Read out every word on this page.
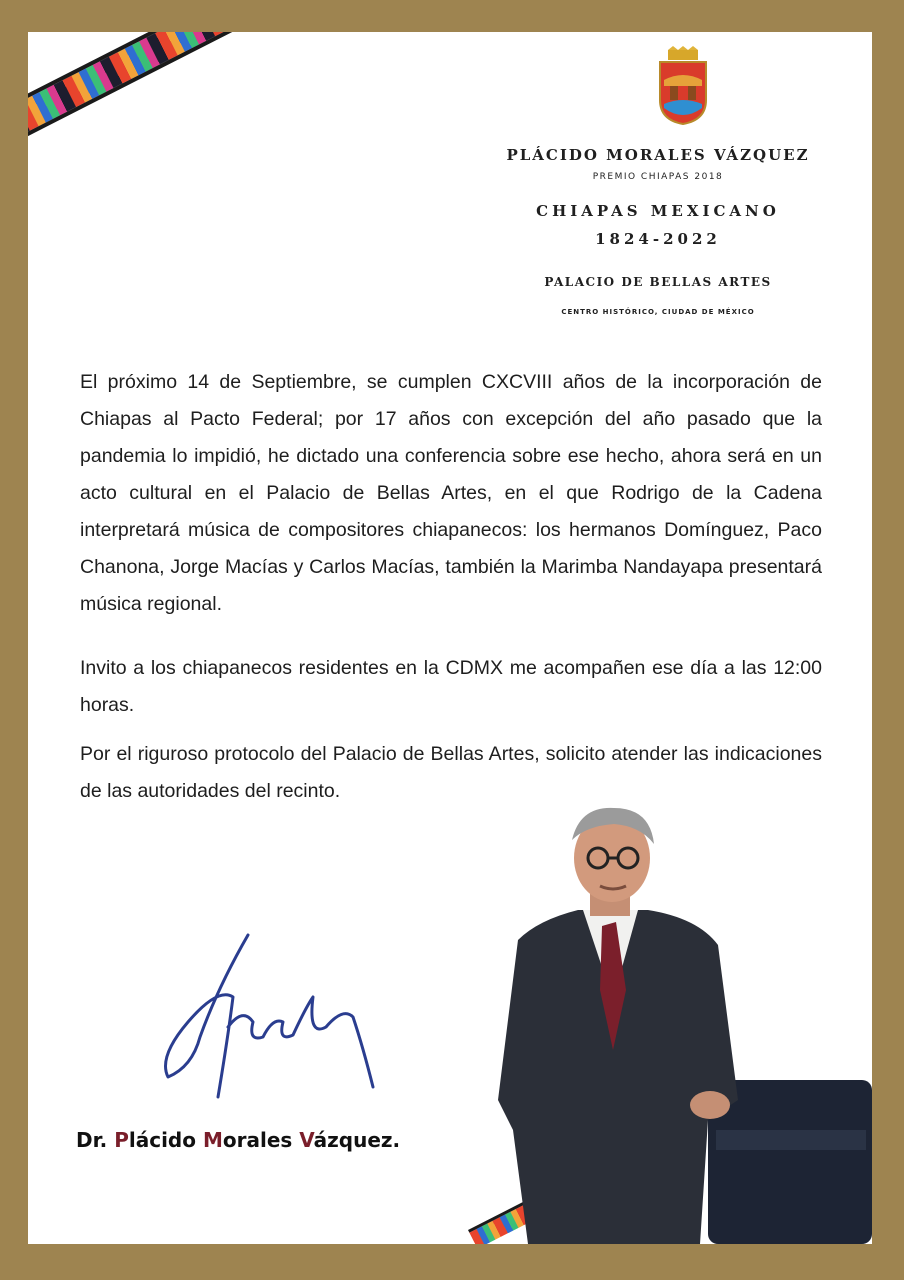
PLÁCIDO MORALES VÁZQUEZ
PREMIO CHIAPAS 2018
CHIAPAS MEXICANO
1824-2022
PALACIO DE BELLAS ARTES
CENTRO HISTÓRICO, CIUDAD DE MÉXICO

El próximo 14 de Septiembre, se cumplen CXCVIII años de la incorporación de Chiapas al Pacto Federal; por 17 años con excepción del año pasado que la pandemia lo impidió, he dictado una conferencia sobre ese hecho, ahora será en un acto cultural en el Palacio de Bellas Artes, en el que Rodrigo de la Cadena interpretará música de compositores chiapanecos: los hermanos Domínguez, Paco Chanona, Jorge Macías y Carlos Macías, también la Marimba Nandayapa presentará música regional.

Invito a los chiapanecos residentes en la CDMX me acompañen ese día a las 12:00 horas.

Por el riguroso protocolo del Palacio de Bellas Artes, solicito atender las indicaciones de las autoridades del recinto.

Dr. Plácido Morales Vázquez.
